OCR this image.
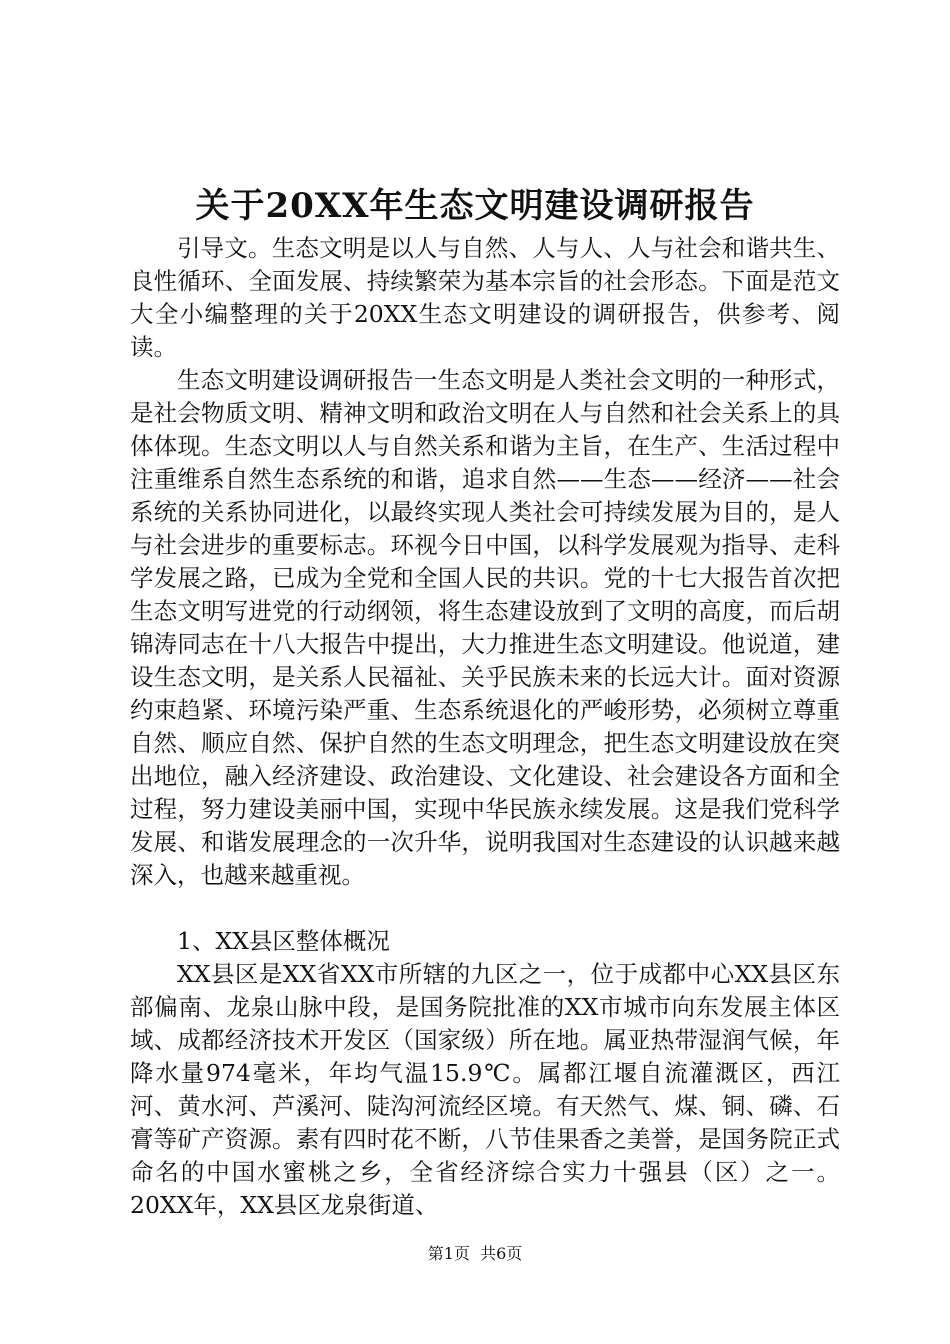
关于20XX年生态文明建设调研报告

引导文。生态文明是以人与自然、人与人、人与社会和谐共生、良性循环、全面发展、持续繁荣为基本宗旨的社会形态。下面是范文大全小编整理的关于20XX生态文明建设的调研报告，供参考、阅读。

生态文明建设调研报告一生态文明是人类社会文明的一种形式，是社会物质文明、精神文明和政治文明在人与自然和社会关系上的具体体现。生态文明以人与自然关系和谐为主旨，在生产、生活过程中注重维系自然生态系统的和谐，追求自然——生态——经济——社会系统的关系协同进化，以最终实现人类社会可持续发展为目的，是人与社会进步的重要标志。环视今日中国，以科学发展观为指导、走科学发展之路，已成为全党和全国人民的共识。党的十七大报告首次把生态文明写进党的行动纲领，将生态建设放到了文明的高度，而后胡锦涛同志在十八大报告中提出，大力推进生态文明建设。他说道，建设生态文明，是关系人民福祉、关乎民族未来的长远大计。面对资源约束趋紧、环境污染严重、生态系统退化的严峻形势，必须树立尊重自然、顺应自然、保护自然的生态文明理念，把生态文明建设放在突出地位，融入经济建设、政治建设、文化建设、社会建设各方面和全过程，努力建设美丽中国，实现中华民族永续发展。这是我们党科学发展、和谐发展理念的一次升华，说明我国对生态建设的认识越来越深入，也越来越重视。

1、XX县区整体概况

XX县区是XX省XX市所辖的九区之一，位于成都中心XX县区东部偏南、龙泉山脉中段，是国务院批准的XX市城市向东发展主体区域、成都经济技术开发区（国家级）所在地。属亚热带湿润气候，年降水量974毫米，年均气温15.9℃。属都江堰自流灌溉区，西江河、黄水河、芦溪河、陡沟河流经区境。有天然气、煤、铜、磷、石膏等矿产资源。素有四时花不断，八节佳果香之美誉，是国务院正式命名的中国水蜜桃之乡，全省经济综合实力十强县（区）之一。20XX年，XX县区龙泉街道、

第1页  共6页
